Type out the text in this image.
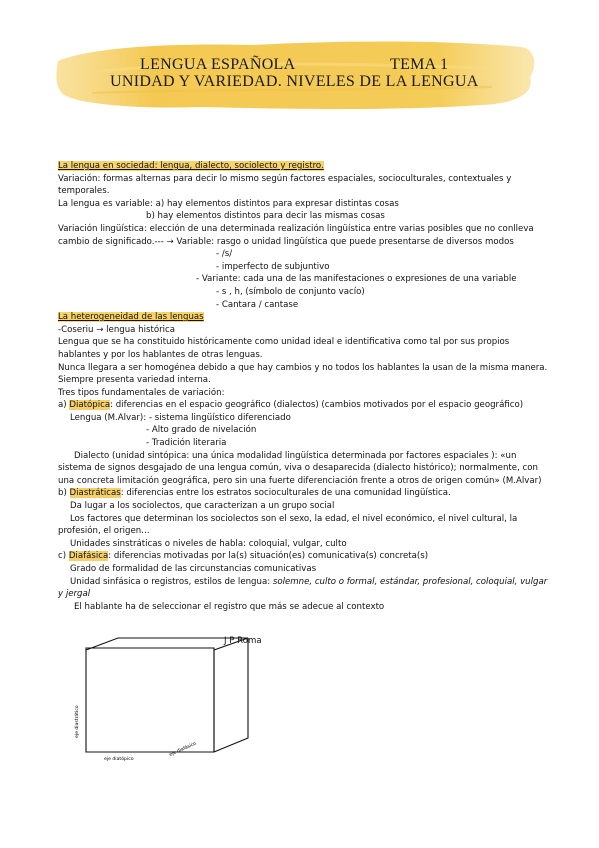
LENGUA ESPAÑOLA	TEMA 1
UNIDAD Y VARIEDAD. NIVELES DE LA LENGUA
La lengua en sociedad: lengua, dialecto, sociolecto y registro.
Variación: formas alternas para decir lo mismo según factores espaciales, socioculturales, contextuales y
temporales.
La lengua es variable: a) hay elementos distintos para expresar distintas cosas
b) hay elementos distintos para decir las mismas cosas
Variación lingüística: elección de una determinada realización lingüística entre varias posibles que no conlleva
cambio de significado.--- → Variable: rasgo o unidad lingüística que puede presentarse de diversos modos
- /s/
- imperfecto de subjuntivo
- Variante: cada una de las manifestaciones o expresiones de una variable
- s , h, (símbolo de conjunto vacío)
- Cantara / cantase
La heterogeneidad de las lenguas
-Coseriu → lengua histórica
Lengua que se ha constituido históricamente como unidad ideal e identificativa como tal por sus propios
hablantes y por los hablantes de otras lenguas.
Nunca llegara a ser homogénea debido a que hay cambios y no todos los hablantes la usan de la misma manera.
Siempre presenta variedad interna.
Tres tipos fundamentales de variación:
a) Diatópica: diferencias en el espacio geográfico (dialectos) (cambios motivados por el espacio geográfico)
Lengua (M.Alvar): - sistema lingüístico diferenciado
- Alto grado de nivelación
- Tradición literaria
Dialecto (unidad sintópica: una única modalidad lingüística determinada por factores espaciales ): «un
sistema de signos desgajado de una lengua común, viva o desaparecida (dialecto histórico); normalmente, con
una concreta limitación geográfica, pero sin una fuerte diferenciación frente a otros de origen común» (M.Alvar)
b) Diastráticas: diferencias entre los estratos socioculturales de una comunidad lingüística.
Da lugar a los sociolectos, que caracterizan a un grupo social
Los factores que determinan los sociolectos son el sexo, la edad, el nivel económico, el nivel cultural, la
profesión, el origen…
Unidades sinstráticas o niveles de habla: coloquial, vulgar, culto
c) Diafásica: diferencias motivadas por la(s) situación(es) comunicativa(s) concreta(s)
Grado de formalidad de las circunstancias comunicativas
Unidad sinfásica o registros, estilos de lengua: solemne, culto o formal, estándar, profesional, coloquial, vulgar
y jergal
El hablante ha de seleccionar el registro que más se adecue al contexto
J P Roma
eje diastrático
eje diatópico
eje diafásico
